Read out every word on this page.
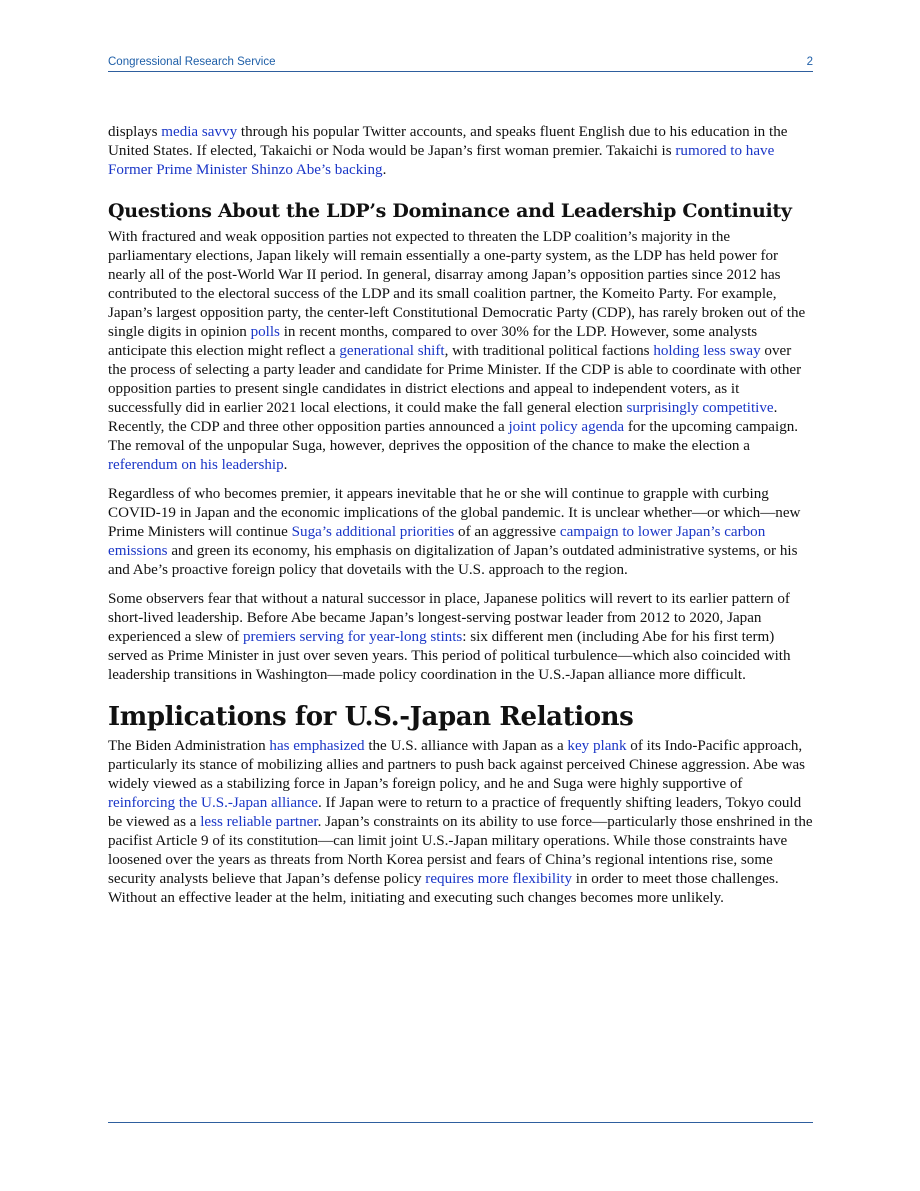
Congressional Research Service	2

displays media savvy through his popular Twitter accounts, and speaks fluent English due to his education in the United States. If elected, Takaichi or Noda would be Japan’s first woman premier. Takaichi is rumored to have Former Prime Minister Shinzo Abe’s backing.

Questions About the LDP’s Dominance and Leadership Continuity

With fractured and weak opposition parties not expected to threaten the LDP coalition’s majority in the parliamentary elections, Japan likely will remain essentially a one-party system, as the LDP has held power for nearly all of the post-World War II period. In general, disarray among Japan’s opposition parties since 2012 has contributed to the electoral success of the LDP and its small coalition partner, the Komeito Party. For example, Japan’s largest opposition party, the center-left Constitutional Democratic Party (CDP), has rarely broken out of the single digits in opinion polls in recent months, compared to over 30% for the LDP. However, some analysts anticipate this election might reflect a generational shift, with traditional political factions holding less sway over the process of selecting a party leader and candidate for Prime Minister. If the CDP is able to coordinate with other opposition parties to present single candidates in district elections and appeal to independent voters, as it successfully did in earlier 2021 local elections, it could make the fall general election surprisingly competitive. Recently, the CDP and three other opposition parties announced a joint policy agenda for the upcoming campaign. The removal of the unpopular Suga, however, deprives the opposition of the chance to make the election a referendum on his leadership.

Regardless of who becomes premier, it appears inevitable that he or she will continue to grapple with curbing COVID-19 in Japan and the economic implications of the global pandemic. It is unclear whether—or which—new Prime Ministers will continue Suga’s additional priorities of an aggressive campaign to lower Japan’s carbon emissions and green its economy, his emphasis on digitalization of Japan’s outdated administrative systems, or his and Abe’s proactive foreign policy that dovetails with the U.S. approach to the region.

Some observers fear that without a natural successor in place, Japanese politics will revert to its earlier pattern of short-lived leadership. Before Abe became Japan’s longest-serving postwar leader from 2012 to 2020, Japan experienced a slew of premiers serving for year-long stints: six different men (including Abe for his first term) served as Prime Minister in just over seven years. This period of political turbulence—which also coincided with leadership transitions in Washington—made policy coordination in the U.S.-Japan alliance more difficult.

Implications for U.S.-Japan Relations

The Biden Administration has emphasized the U.S. alliance with Japan as a key plank of its Indo-Pacific approach, particularly its stance of mobilizing allies and partners to push back against perceived Chinese aggression. Abe was widely viewed as a stabilizing force in Japan’s foreign policy, and he and Suga were highly supportive of reinforcing the U.S.-Japan alliance. If Japan were to return to a practice of frequently shifting leaders, Tokyo could be viewed as a less reliable partner. Japan’s constraints on its ability to use force—particularly those enshrined in the pacifist Article 9 of its constitution—can limit joint U.S.-Japan military operations. While those constraints have loosened over the years as threats from North Korea persist and fears of China’s regional intentions rise, some security analysts believe that Japan’s defense policy requires more flexibility in order to meet those challenges. Without an effective leader at the helm, initiating and executing such changes becomes more unlikely.
